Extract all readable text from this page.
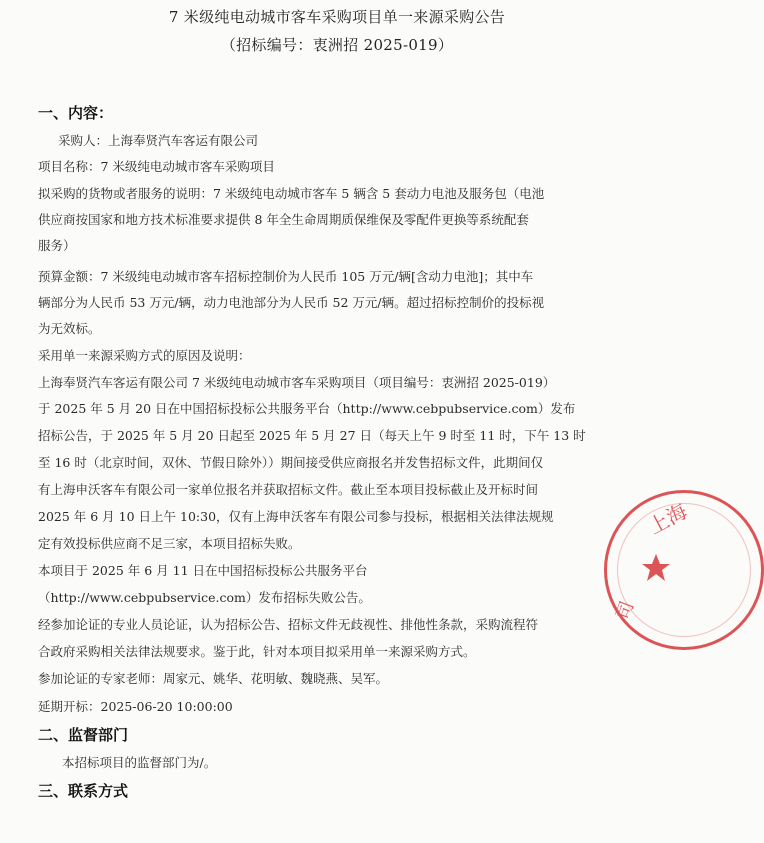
7 米级纯电动城市客车采购项目单一来源采购公告
（招标编号：衷洲招 2025-019）
一、内容：
采购人：上海奉贤汽车客运有限公司
项目名称：7 米级纯电动城市客车采购项目
拟采购的货物或者服务的说明：7 米级纯电动城市客车 5 辆含 5 套动力电池及服务包（电池
供应商按国家和地方技术标准要求提供 8 年全生命周期质保维保及零配件更换等系统配套
服务）
预算金额：7 米级纯电动城市客车招标控制价为人民币 105 万元/辆[含动力电池]；其中车
辆部分为人民币 53 万元/辆，动力电池部分为人民币 52 万元/辆。超过招标控制价的投标视
为无效标。
采用单一来源采购方式的原因及说明：
上海奉贤汽车客运有限公司 7 米级纯电动城市客车采购项目（项目编号：衷洲招 2025-019）
于 2025 年 5 月 20 日在中国招标投标公共服务平台（http://www.cebpubservice.com）发布
招标公告，于 2025 年 5 月 20 日起至 2025 年 5 月 27 日（每天上午 9 时至 11 时，下午 13 时
至 16 时（北京时间，双休、节假日除外））期间接受供应商报名并发售招标文件，此期间仅
有上海申沃客车有限公司一家单位报名并获取招标文件。截止至本项目投标截止及开标时间
2025 年 6 月 10 日上午 10:30，仅有上海申沃客车有限公司参与投标，根据相关法律法规规
定有效投标供应商不足三家，本项目招标失败。
本项目于 2025 年 6 月 11 日在中国招标投标公共服务平台
（http://www.cebpubservice.com）发布招标失败公告。
经参加论证的专业人员论证，认为招标公告、招标文件无歧视性、排他性条款，采购流程符
合政府采购相关法律法规要求。鉴于此，针对本项目拟采用单一来源采购方式。
参加论证的专家老师：周家元、姚华、花明敏、魏晓燕、吴军。
延期开标：2025-06-20 10:00:00
二、监督部门
本招标项目的监督部门为/。
三、联系方式
上海
司
